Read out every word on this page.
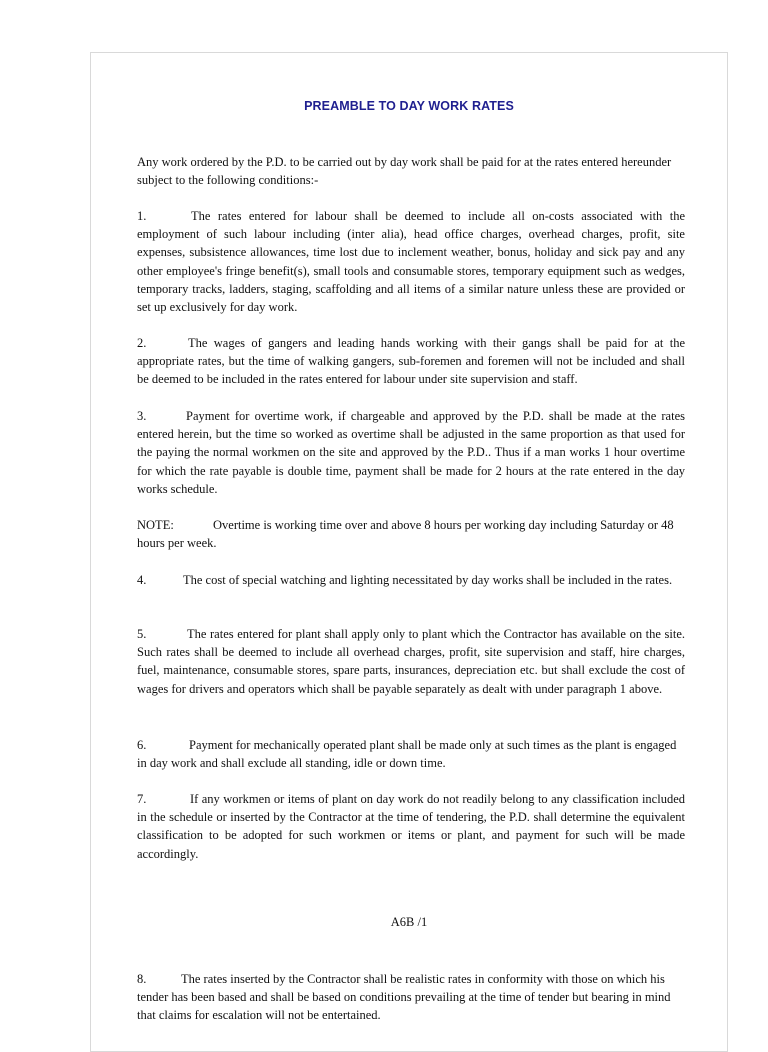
PREAMBLE TO DAY WORK RATES

Any work ordered by the P.D. to be carried out by day work shall be paid for at the rates entered hereunder subject to the following conditions:-

1.	The rates entered for labour shall be deemed to include all on-costs associated with the employment of such labour including (inter alia), head office charges, overhead charges, profit, site expenses, subsistence allowances, time lost due to inclement weather, bonus, holiday and sick pay and any other employee's fringe benefit(s), small tools and consumable stores, temporary equipment such as wedges, temporary tracks, ladders, staging, scaffolding and all items of a similar nature unless these are provided or set up exclusively for day work.

2.	The wages of gangers and leading hands working with their gangs shall be paid for at the appropriate rates, but the time of walking gangers, sub-foremen and foremen will not be included and shall be deemed to be included in the rates entered for labour under site supervision and staff.

3.	Payment for overtime work, if chargeable and approved by the P.D. shall be made at the rates entered herein, but the time so worked as overtime shall be adjusted in the same proportion as that used for the paying the normal workmen on the site and approved by the P.D.. Thus if a man works 1 hour overtime for which the rate payable is double time, payment shall be made for 2 hours at the rate entered in the day works schedule.

NOTE:	Overtime is working time over and above 8 hours per working day including Saturday or 48 hours per week.

4.	The cost of special watching and lighting necessitated by day works shall be included in the rates.

5.	The rates entered for plant shall apply only to plant which the Contractor has available on the site. Such rates shall be deemed to include all overhead charges, profit, site supervision and staff, hire charges, fuel, maintenance, consumable stores, spare parts, insurances, depreciation etc. but shall exclude the cost of wages for drivers and operators which shall be payable separately as dealt with under paragraph 1 above.

6.	Payment for mechanically operated plant shall be made only at such times as the plant is engaged in day work and shall exclude all standing, idle or down time.

7.	If any workmen or items of plant on day work do not readily belong to any classification included in the schedule or inserted by the Contractor at the time of tendering, the P.D. shall determine the equivalent classification to be adopted for such workmen or items or plant, and payment for such will be made accordingly.

A6B /1

8.	The rates inserted by the Contractor shall be realistic rates in conformity with those on which his tender has been based and shall be based on conditions prevailing at the time of tender but bearing in mind that claims for escalation will not be entertained.
